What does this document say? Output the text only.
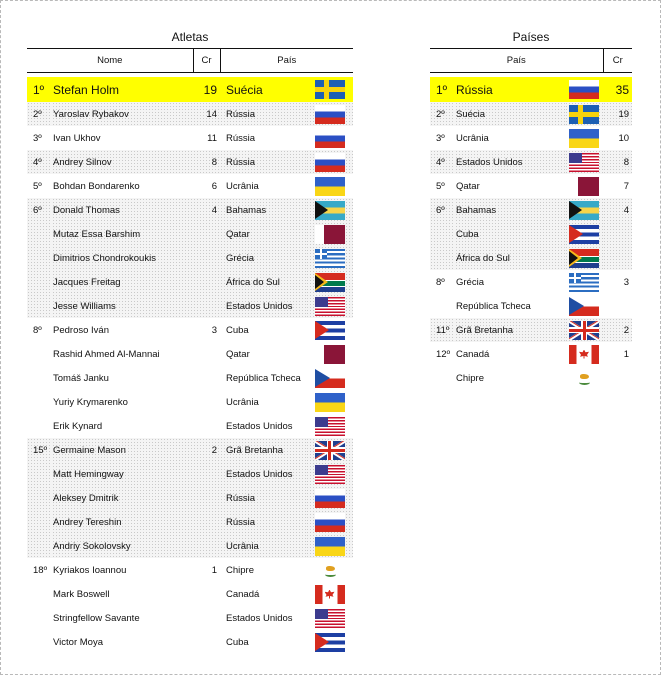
Atletas
Nome		Cr	País	

1º	Stefan Holm	19	Suécia	

2º	Yaroslav Rybakov	14	Rússia	
3º	Ivan Ukhov	11	Rússia	
4º	Andrey Silnov	8	Rússia	
5º	Bohdan Bondarenko	6	Ucrânia	
6º	Donald Thomas	4	Bahamas	

	Mutaz Essa Barshim		Qatar	
	Dimitrios Chondrokoukis		Grécia	

	Jacques Freitag		África do Sul	

	Jesse Williams		Estados Unidos	

8º	Pedroso Iván	3	Cuba	

	Rashid Ahmed Al-Mannai		Qatar	
	Tomáš Janku		República Tcheca	

	Yuriy Krymarenko		Ucrânia	
	Erik Kynard		Estados Unidos	

15º	Germaine Mason	2	Grã Bretanha	

	Matt Hemingway		Estados Unidos	

	Aleksey Dmitrik		Rússia	
	Andrey Tereshin		Rússia	
	Andriy Sokolovsky		Ucrânia	
18º	Kyriakos Ioannou	1	Chipre	

	Mark Boswell		Canadá	

	Stringfellow Savante		Estados Unidos	

	Victor Moya		Cuba	
Países
País			Cr

1º	Rússia		35
2º	Suécia		19
3º	Ucrânia		10
4º	Estados Unidos		8
5º	Qatar		7
6º	Bahamas		4
	Cuba	

	África do Sul	

8º	Grécia		3
	República Tcheca	

11º	Grã Bretanha		2
12º	Canadá		1
	Chipre	
